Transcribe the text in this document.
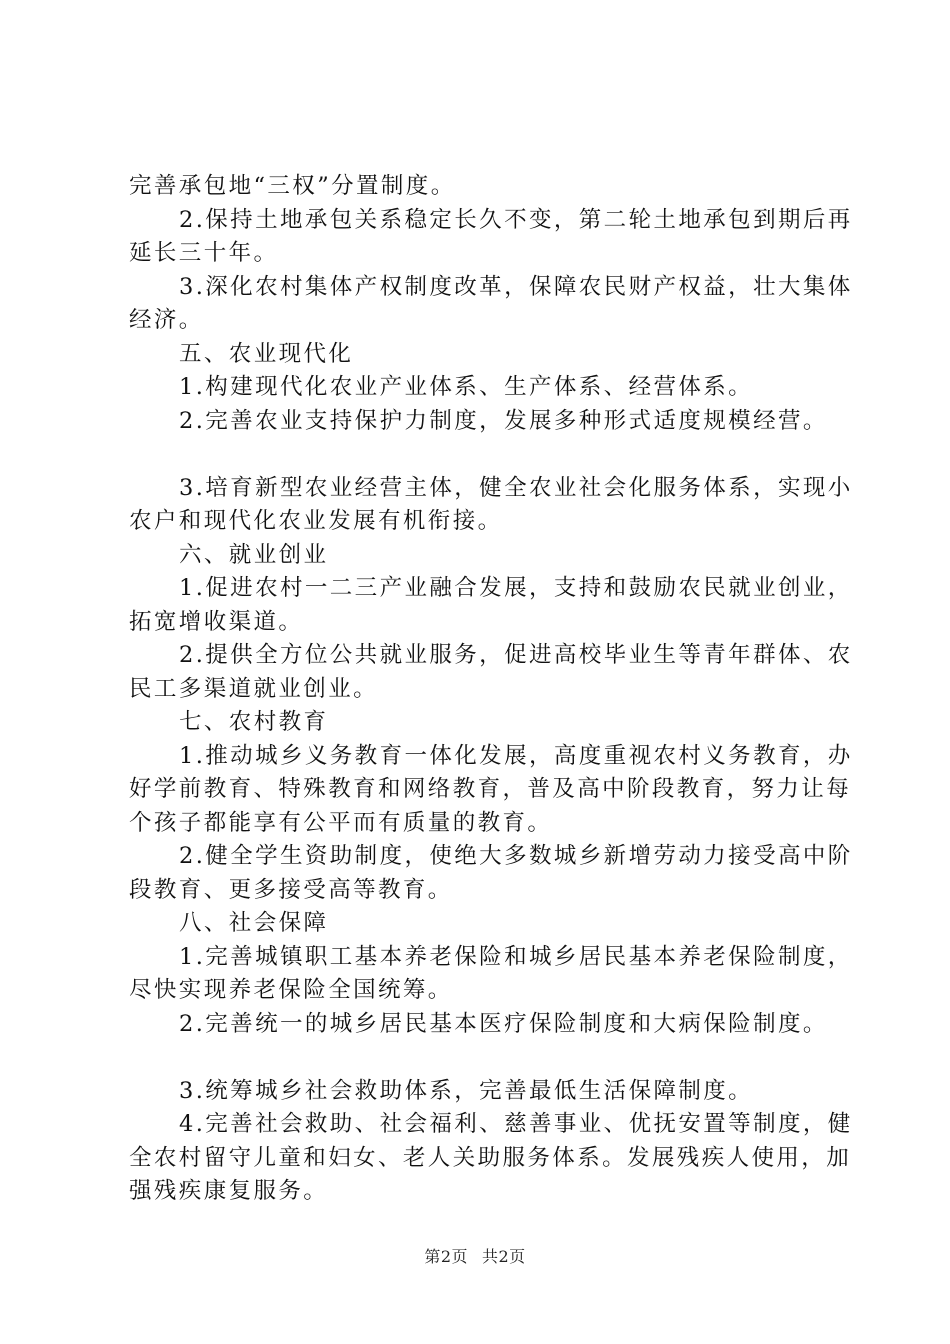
完善承包地“三权”分置制度。

2.保持土地承包关系稳定长久不变，第二轮土地承包到期后再延长三十年。

3.深化农村集体产权制度改革，保障农民财产权益，壮大集体经济。

五、农业现代化

1.构建现代化农业产业体系、生产体系、经营体系。

2.完善农业支持保护力制度，发展多种形式适度规模经营。

3.培育新型农业经营主体，健全农业社会化服务体系，实现小农户和现代化农业发展有机衔接。

六、就业创业

1.促进农村一二三产业融合发展，支持和鼓励农民就业创业，拓宽增收渠道。

2.提供全方位公共就业服务，促进高校毕业生等青年群体、农民工多渠道就业创业。

七、农村教育

1.推动城乡义务教育一体化发展，高度重视农村义务教育，办好学前教育、特殊教育和网络教育，普及高中阶段教育，努力让每个孩子都能享有公平而有质量的教育。

2.健全学生资助制度，使绝大多数城乡新增劳动力接受高中阶段教育、更多接受高等教育。

八、社会保障

1.完善城镇职工基本养老保险和城乡居民基本养老保险制度，尽快实现养老保险全国统筹。

2.完善统一的城乡居民基本医疗保险制度和大病保险制度。

3.统筹城乡社会救助体系，完善最低生活保障制度。

4.完善社会救助、社会福利、慈善事业、优抚安置等制度，健全农村留守儿童和妇女、老人关助服务体系。发展残疾人使用，加强残疾康复服务。

第2页 共2页
